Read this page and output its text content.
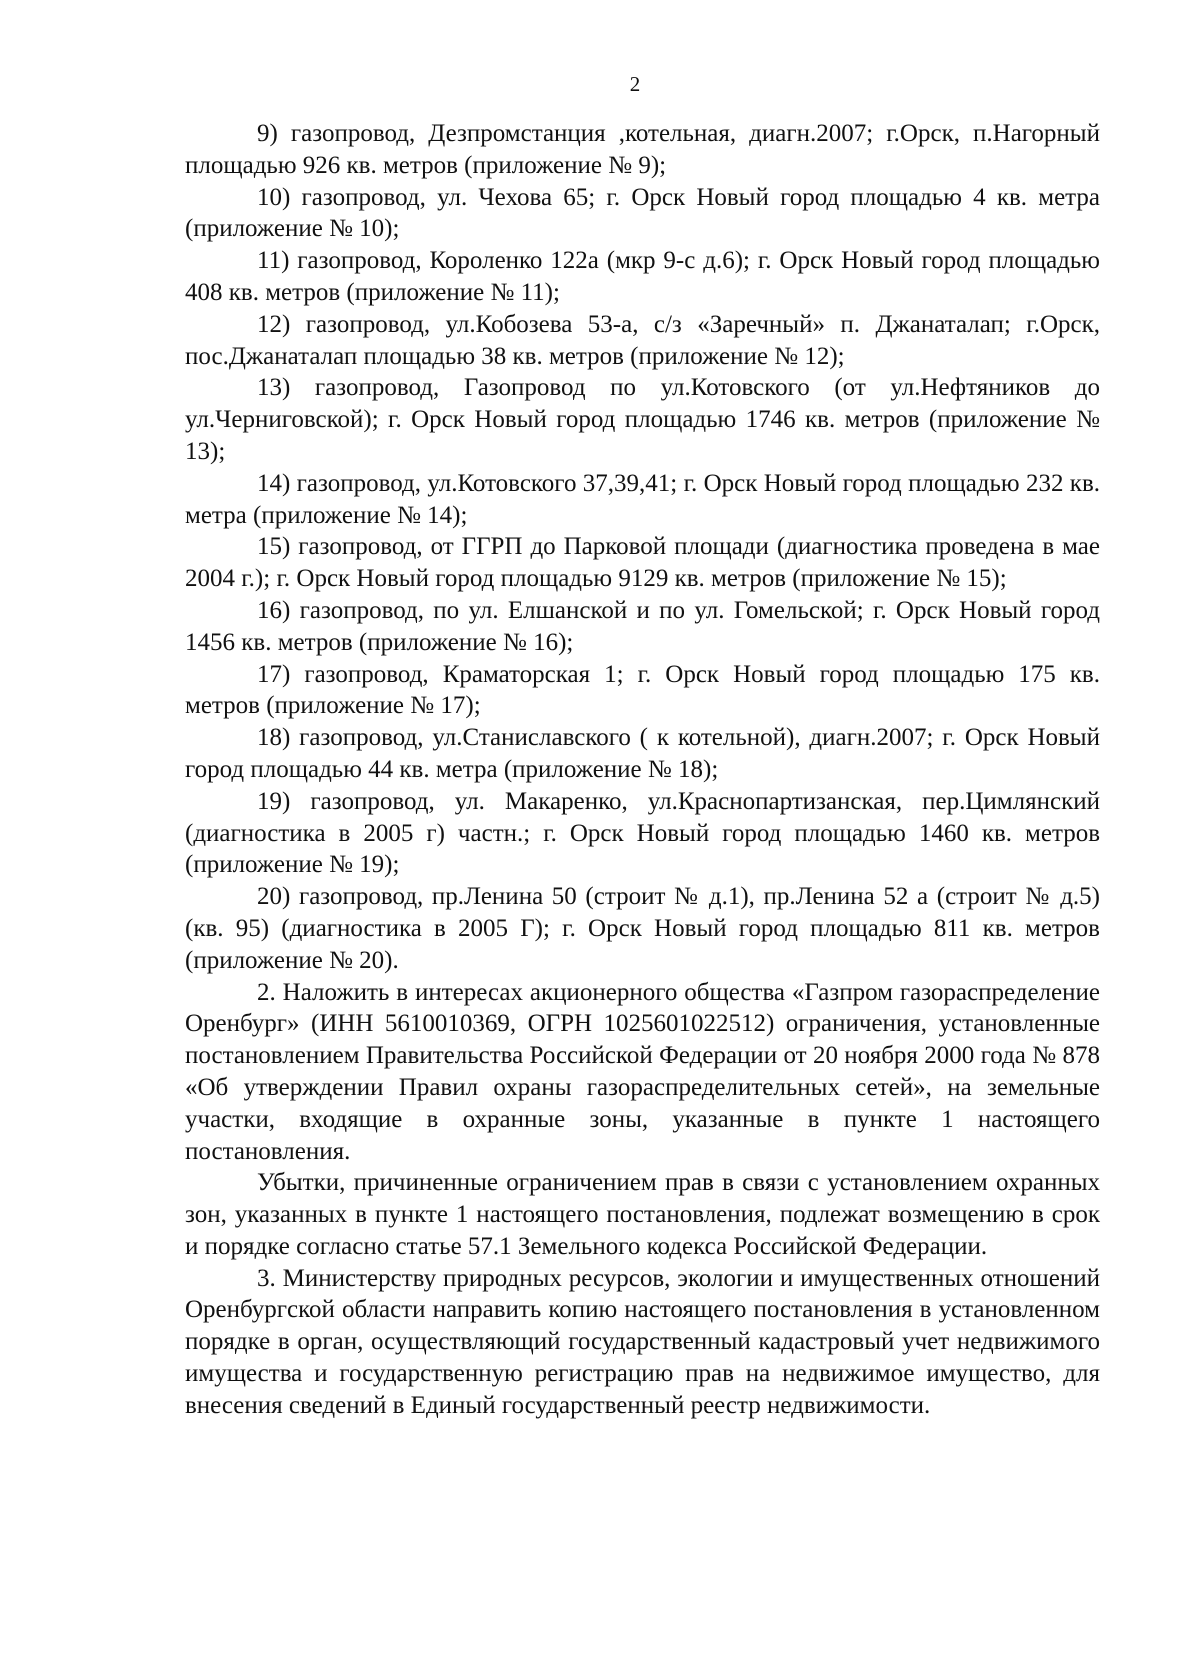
2

9) газопровод, Дезпромстанция ,котельная, диагн.2007; г.Орск, п.Нагорный площадью 926 кв. метров (приложение № 9);

10) газопровод, ул. Чехова 65; г. Орск Новый город площадью 4 кв. метра (приложение № 10);

11) газопровод, Короленко 122а (мкр 9-с д.6); г. Орск Новый город площадью 408 кв. метров (приложение № 11);

12) газопровод, ул.Кобозева 53-а, с/з «Заречный» п. Джанаталап; г.Орск, пос.Джанаталап площадью 38 кв. метров (приложение № 12);

13) газопровод, Газопровод по ул.Котовского (от ул.Нефтяников до ул.Черниговской); г. Орск Новый город площадью 1746 кв. метров (приложение № 13);

14) газопровод, ул.Котовского 37,39,41; г. Орск Новый город площадью 232 кв. метра (приложение № 14);

15) газопровод, от ГГРП до Парковой площади (диагностика проведена в мае 2004 г.); г. Орск Новый город площадью 9129 кв. метров (приложение № 15);

16) газопровод, по ул. Елшанской и по ул. Гомельской; г. Орск Новый город 1456 кв. метров (приложение № 16);

17) газопровод, Краматорская 1; г. Орск Новый город площадью 175 кв. метров (приложение № 17);

18) газопровод, ул.Станиславского ( к котельной), диагн.2007; г. Орск Новый город площадью 44 кв. метра (приложение № 18);

19) газопровод, ул. Макаренко, ул.Краснопартизанская, пер.Цимлянский (диагностика в 2005 г) частн.; г. Орск Новый город площадью 1460 кв. метров (приложение № 19);

20) газопровод, пр.Ленина 50 (строит № д.1), пр.Ленина 52 а (строит № д.5) (кв. 95) (диагностика в 2005 Г); г. Орск Новый город площадью 811 кв. метров (приложение № 20).

2. Наложить в интересах акционерного общества «Газпром газораспределение Оренбург» (ИНН 5610010369, ОГРН 1025601022512) ограничения, установленные постановлением Правительства Российской Федерации от 20 ноября 2000 года № 878 «Об утверждении Правил охраны газораспределительных сетей», на земельные участки, входящие в охранные зоны, указанные в пункте 1 настоящего постановления.

Убытки, причиненные ограничением прав в связи с установлением охранных зон, указанных в пункте 1 настоящего постановления, подлежат возмещению в срок и порядке согласно статье 57.1 Земельного кодекса Российской Федерации.

3. Министерству природных ресурсов, экологии и имущественных отношений Оренбургской области направить копию настоящего постановления в установленном порядке в орган, осуществляющий государственный кадастровый учет недвижимого имущества и государственную регистрацию прав на недвижимое имущество, для внесения сведений в Единый государственный реестр недвижимости.
